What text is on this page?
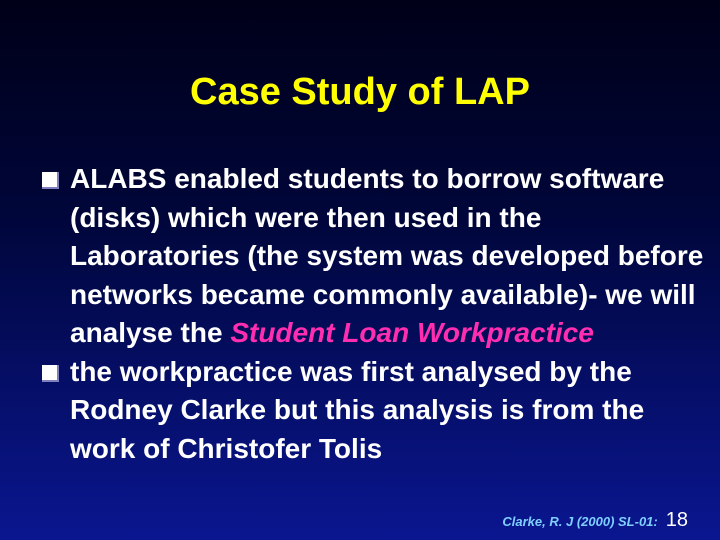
Case Study of LAP
ALABS enabled students to borrow software (disks) which were then used in the Laboratories (the system was developed before networks became commonly available)- we will analyse the Student Loan Workpractice
the workpractice was first analysed by the Rodney Clarke but this analysis is from the work of Christofer Tolis
Clarke, R. J (2000) SL-01: 18
